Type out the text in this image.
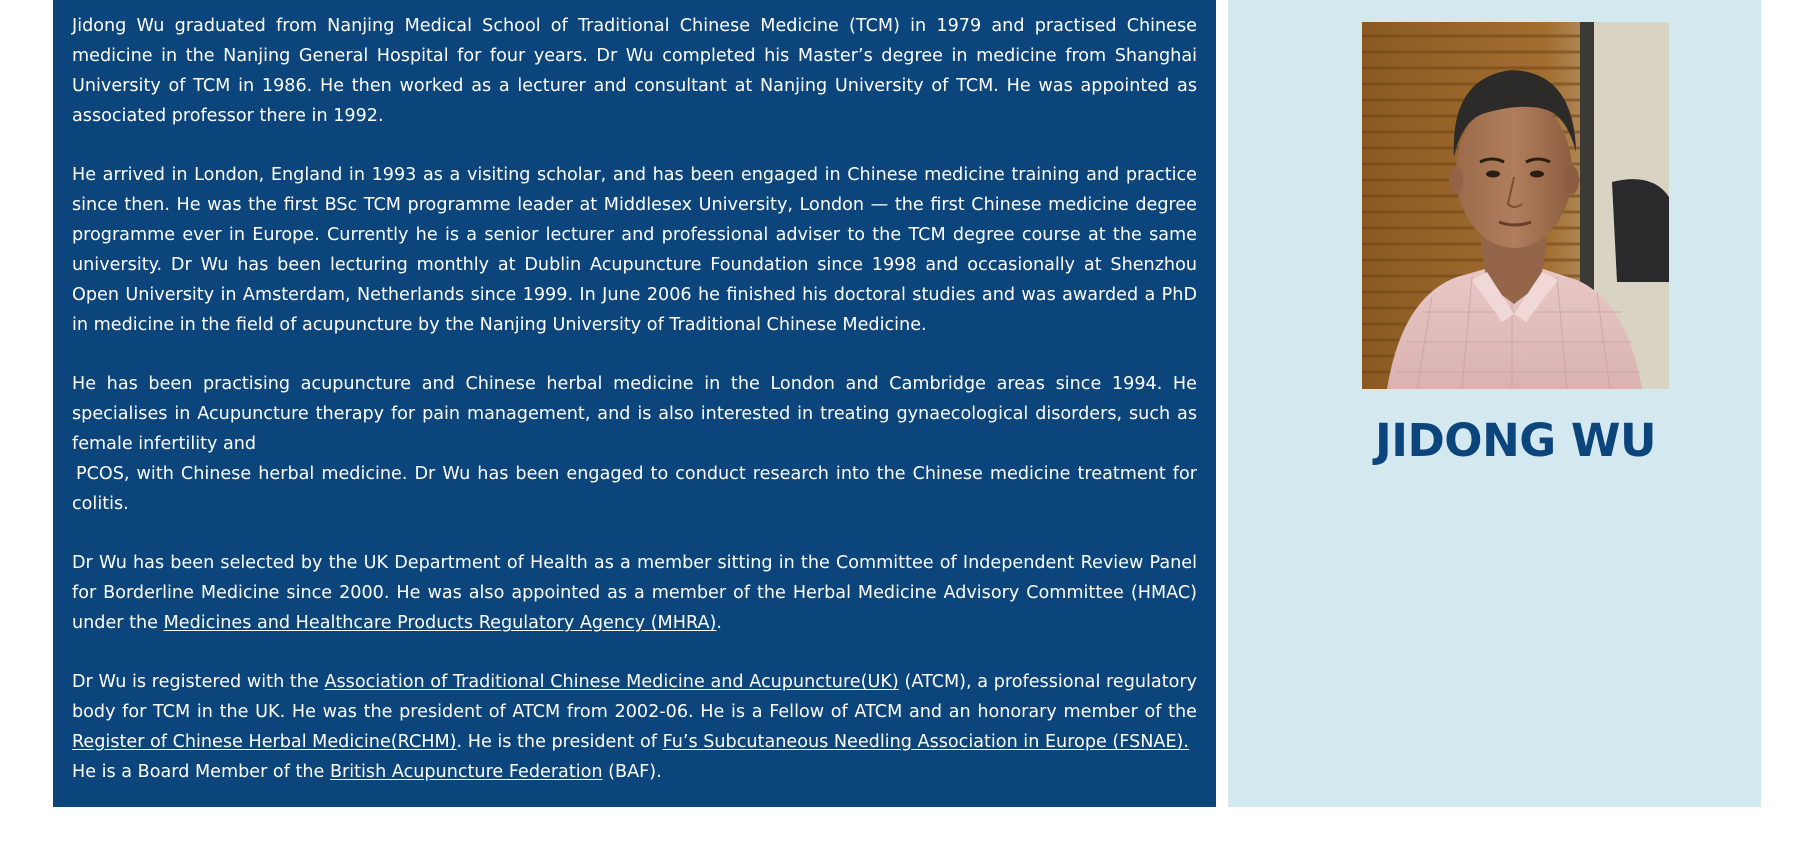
Jidong Wu graduated from Nanjing Medical School of Traditional Chinese Medicine (TCM) in 1979 and practised Chinese medicine in the Nanjing General Hospital for four years. Dr Wu completed his Master’s degree in medicine from Shanghai University of TCM in 1986. He then worked as a lecturer and consultant at Nanjing University of TCM. He was appointed as associated professor there in 1992.

He arrived in London, England in 1993 as a visiting scholar, and has been engaged in Chinese medicine training and practice since then. He was the first BSc TCM programme leader at Middlesex University, London — the first Chinese medicine degree programme ever in Europe. Currently he is a senior lecturer and professional adviser to the TCM degree course at the same university. Dr Wu has been lecturing monthly at Dublin Acupuncture Foundation since 1998 and occasionally at Shenzhou Open University in Amsterdam, Netherlands since 1999. In June 2006 he finished his doctoral studies and was awarded a PhD in medicine in the field of acupuncture by the Nanjing University of Traditional Chinese Medicine.

He has been practising acupuncture and Chinese herbal medicine in the London and Cambridge areas since 1994. He specialises in Acupuncture therapy for pain management, and is also interested in treating gynaecological disorders, such as female infertility and
PCOS, with Chinese herbal medicine. Dr Wu has been engaged to conduct research into the Chinese medicine treatment for colitis.

Dr Wu has been selected by the UK Department of Health as a member sitting in the Committee of Independent Review Panel for Borderline Medicine since 2000. He was also appointed as a member of the Herbal Medicine Advisory Committee (HMAC) under the Medicines and Healthcare Products Regulatory Agency (MHRA).

Dr Wu is registered with the Association of Traditional Chinese Medicine and Acupuncture(UK) (ATCM), a professional regulatory body for TCM in the UK. He was the president of ATCM from 2002-06. He is a Fellow of ATCM and an honorary member of the Register of Chinese Herbal Medicine(RCHM). He is the president of Fu’s Subcutaneous Needling Association in Europe (FSNAE).
He is a Board Member of the British Acupuncture Federation (BAF).

He is married with two children.

JIDONG WU
